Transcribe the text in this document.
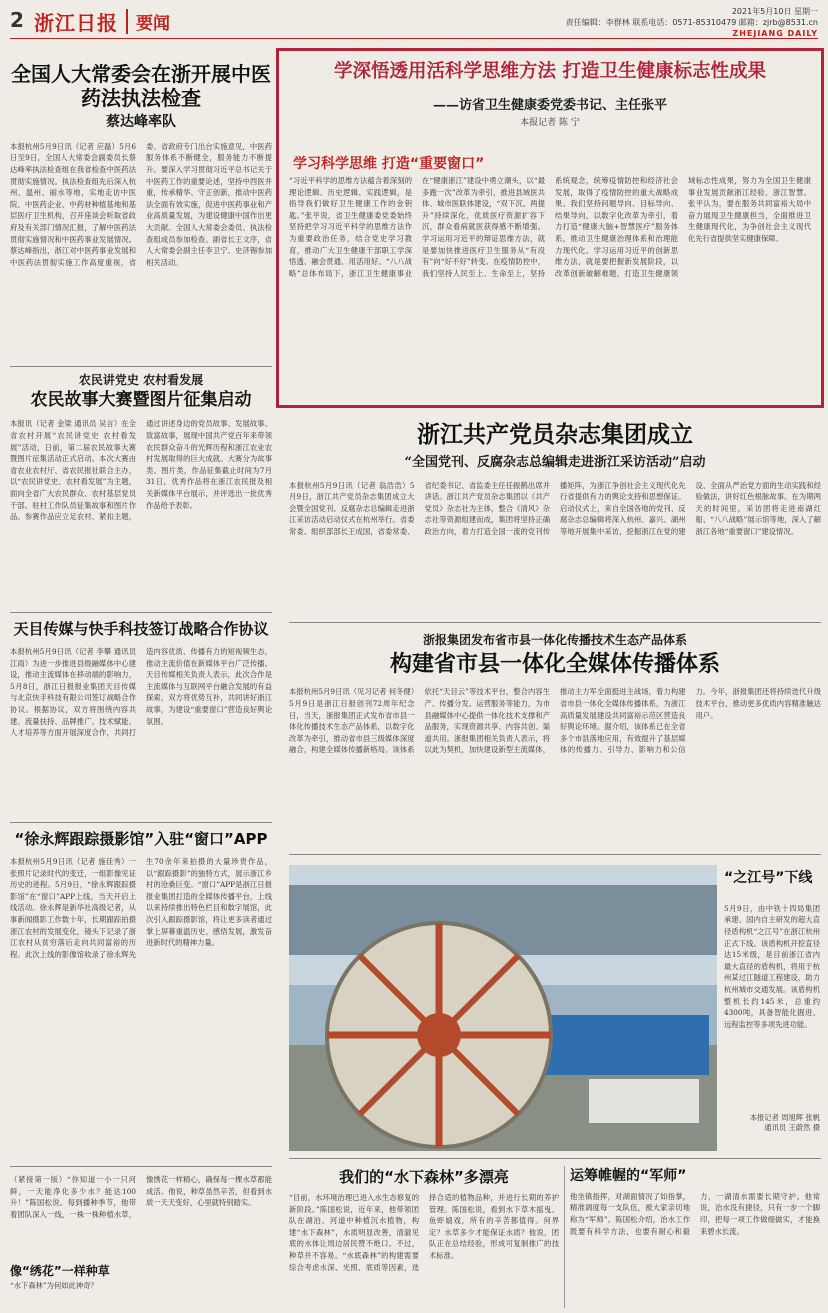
2 浙江日报	要闻
2021年5月10日 星期一
责任编辑：李群林 联系电话：0571-85310479 邮箱：zjrb@8531.cn
ZHEJIANG DAILY

全国人大常委会在浙开展中医药法执法检查

蔡达峰率队

本报杭州5月9日讯（记者 应磊）5月6日至9日，全国人大常委会副委员长蔡达峰率执法检查组在我省检查中医药法贯彻实施情况。执法检查组先后深入杭州、温州、丽水等地，实地走访中医院、中医药企业、中药材种植基地和基层医疗卫生机构，召开座谈会听取省政府及有关部门情况汇报，了解中医药法贯彻实施情况和中医药事业发展情况。蔡达峰指出，浙江对中医药事业发展和中医药法贯彻实施工作高度重视，省委、省政府专门出台实施意见，中医药服务体系不断健全，服务能力不断提升。要深入学习贯彻习近平总书记关于中医药工作的重要论述，坚持中西医并重，传承精华、守正创新，推动中医药法全面有效实施，促进中医药事业和产业高质量发展，为建设健康中国作出更大贡献。全国人大常委会委员、执法检查组成员参加检查。副省长王文序，省人大常委会副主任李卫宁、史济锡参加相关活动。

学深悟透用活科学思维方法 打造卫生健康标志性成果

——访省卫生健康委党委书记、主任张平

本报记者 陈 宁
学习科学思维 打造“重要窗口”
“习近平科学的思维方法蕴含着深刻的理论逻辑、历史逻辑、实践逻辑，是指导我们做好卫生健康工作的金钥匙。”张平说，省卫生健康委党委始终坚持把学习习近平科学的思维方法作为重要政治任务，结合党史学习教育，推动广大卫生健康干部职工学深悟透、融会贯通、用活用好。“八八战略”总体布局下，浙江卫生健康事业在“健康浙江”建设中勇立潮头，以“最多跑一次”改革为牵引，推进县域医共体、城市医联体建设，“双下沉、两提升”持续深化，优质医疗资源扩容下沉，群众看病就医获得感不断增强。学习运用习近平的辩证思维方法，就是要加快推进医疗卫生服务从“有没有”向“好不好”转变。在疫情防控中，我们坚持人民至上、生命至上，坚持系统观念，统筹疫情防控和经济社会发展，取得了疫情防控的重大战略成果。我们坚持问题导向、目标导向、结果导向，以数字化改革为牵引，着力打造“健康大脑+智慧医疗”服务体系，推动卫生健康治理体系和治理能力现代化。学习运用习近平的创新思维方法，就是要把握新发展阶段，以改革创新破解难题，打造卫生健康领域标志性成果，努力为全国卫生健康事业发展贡献浙江经验、浙江智慧。张平认为，要在服务共同富裕大局中奋力展现卫生健康担当，全面推进卫生健康现代化，为争创社会主义现代化先行省提供坚实健康保障。

农民讲党史 农村看发展

农民故事大赛暨图片征集启动

本报讯（记者 金梁 通讯员 吴言）在全省农村开展“农民讲党史 农村看发展”活动，日前，第二届农民故事大赛暨图片征集活动正式启动。本次大赛由省农业农村厅、省农民报社联合主办，以“农民讲党史、农村看发展”为主题，面向全省广大农民群众、农村基层党员干部、驻村工作队员征集故事和图片作品。参赛作品应立足农村、紧扣主题，通过讲述身边的党员故事、发展故事、致富故事，展现中国共产党百年来带领农民群众奋斗的光辉历程和浙江农业农村发展取得的巨大成就。大赛分为故事类、图片类，作品征集截止时间为7月31日，优秀作品将在浙江农民报及相关新媒体平台展示，并评选出一批优秀作品给予表彰。

浙江共产党员杂志集团成立

“全国党刊、反腐杂志总编辑走进浙江采访活动”启动

本报杭州5月9日讯（记者 翁浩浩）5月9日，浙江共产党员杂志集团成立大会暨全国党刊、反腐杂志总编辑走进浙江采访活动启动仪式在杭州举行。省委常委、组织部部长王成国，省委常委、省纪委书记、省监委主任任振鹤出席并讲话。浙江共产党员杂志集团以《共产党员》杂志社为主体，整合《清风》杂志社等资源组建而成，集团将坚持正确政治方向，着力打造全国一流的党刊传播矩阵，为浙江争创社会主义现代化先行省提供有力的舆论支持和思想保证。启动仪式上，来自全国各地的党刊、反腐杂志总编辑将深入杭州、嘉兴、湖州等地开展集中采访，挖掘浙江在党的建设、全面从严治党方面的生动实践和经验做法，讲好红色根脉故事。在为期两天的时间里，采访团将走进南湖红船、“八八战略”展示馆等地，深入了解浙江各地“重要窗口”建设情况。

天目传媒与快手科技签订战略合作协议

本报杭州5月9日讯（记者 李攀 通讯员 江雨）为进一步推进县级融媒体中心建设，推动主流媒体在移动端的影响力，5月8日，浙江日报报业集团天目传媒与北京快手科技有限公司签订战略合作协议。根据协议，双方将围绕内容共建、流量扶持、品牌推广、技术赋能、人才培养等方面开展深度合作，共同打造内容优质、传播有力的短视频生态，推动主流价值在新媒体平台广泛传播。天目传媒相关负责人表示，此次合作是主流媒体与互联网平台融合发展的有益探索，双方将优势互补，共同讲好浙江故事，为建设“重要窗口”营造良好舆论氛围。

浙报集团发布省市县一体化传播技术生态产品体系

构建省市县一体化全媒体传播体系

本报杭州5月9日讯（见习记者 何冬健）5月9日是浙江日报创刊72周年纪念日，当天，浙报集团正式发布省市县一体化传播技术生态产品体系，以数字化改革为牵引，推动省市县三级媒体深度融合，构建全媒体传播新格局。该体系依托“天目云”等技术平台，整合内容生产、传播分发、运营服务等能力，为市县融媒体中心提供一体化技术支撑和产品服务，实现资源共享、内容共创、渠道共用。浙报集团相关负责人表示，将以此为契机，加快建设新型主流媒体，推动主力军全面挺进主战场，着力构建省市县一体化全媒体传播体系，为浙江高质量发展建设共同富裕示范区营造良好舆论环境。据介绍，该体系已在全省多个市县落地应用，有效提升了基层媒体的传播力、引导力、影响力和公信力。今年，浙报集团还将持续迭代升级技术平台，推动更多优质内容精准触达用户。

“徐永辉跟踪摄影馆”入驻“窗口”APP

本报杭州5月9日讯（记者 施佳秀）一张照片记录时代的变迁，一组影像见证历史的进程。5月9日，“徐永辉跟踪摄影馆”在“窗口”APP上线，当天开启上线活动。徐永辉是新华社高级记者，从事新闻摄影工作数十年，长期跟踪拍摄浙江农村的发展变化，镜头下记录了浙江农村从贫穷落后走向共同富裕的历程。此次上线的影像馆收录了徐永辉先生70余年来拍摄的大量珍贵作品，以“跟踪摄影”的独特方式，展示浙江乡村的沧桑巨变。“窗口”APP是浙江日报报业集团打造的全媒体传播平台，上线以来持续推出特色栏目和数字展馆，此次引入跟踪摄影馆，将让更多读者通过掌上屏幕重温历史、感悟发展，激发奋进新时代的精神力量。

“之江号”下线

5月9日，由中铁十四局集团承建、国内自主研发的超大直径盾构机“之江号”在浙江杭州正式下线。该盾构机开挖直径达15米级，是目前浙江省内最大直径的盾构机，将用于杭州某过江隧道工程建设，助力杭州城市交通发展。该盾构机整机长约145米，总重约4300吨，具备智能化掘进、远程监控等多项先进功能。
本报记者 周旭辉 张帆
通讯员 王蔚然 摄
（紧接第一版）“你知道一小一只河鲜，一天能净化多少水？能达100升！”陈国松说。每到播种季节，他带着团队深入一线，一株一株种植水草，像绣花一样精心，确保每一棵水草都能成活。他说，种草虽然辛苦，但看到水质一天天变好，心里就特别踏实。

像“绣花”一样种草

“水下森林”为何如此神奇？

我们的“水下森林”多漂亮

“目前，水环境治理已进入水生态修复的新阶段。”陈国松说，近年来，他带领团队在湖泊、河道中种植沉水植物，构建“水下森林”，水质明显改善，清澈见底的水体让周边居民赞不绝口。不过，种草并不容易。“水底森林”的构建需要综合考虑水深、光照、底质等因素，选择合适的植物品种，并进行长期的养护管理。陈国松说，看到水下草木摇曳、鱼虾嬉戏，所有的辛苦都值得。何界定？水草多少才能保证水质？他说，团队正在总结经验，形成可复制推广的技术标准。

运筹帷幄的“军师”

他坐镇指挥，对湖面情况了如指掌，精准调度每一支队伍，被大家亲切地称为“军师”。陈国松介绍，治水工作既要有科学方法，也要有耐心和毅力，一湖清水需要长期守护。他常说，治水没有捷径，只有一步一个脚印，把每一项工作做细做实，才能换来碧水长流。
